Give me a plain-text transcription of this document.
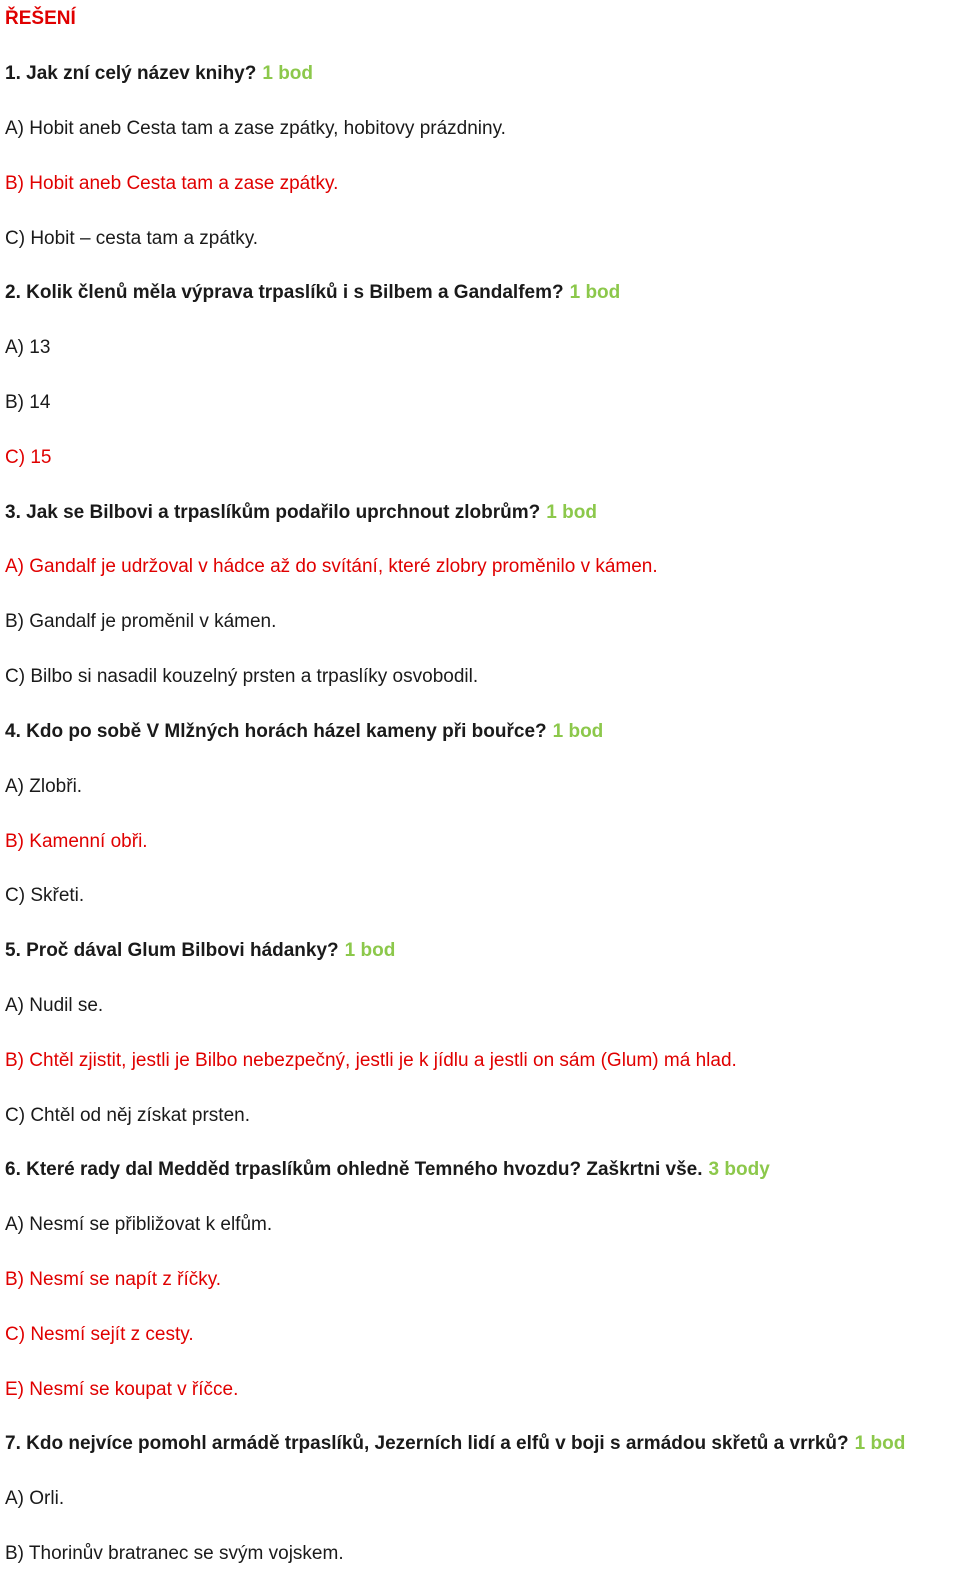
ŘEŠENÍ
1. Jak zní celý název knihy? 1 bod
A) Hobit aneb Cesta tam a zase zpátky, hobitovy prázdniny.
B) Hobit aneb Cesta tam a zase zpátky.
C) Hobit – cesta tam a zpátky.
2. Kolik členů měla výprava trpaslíků i s Bilbem a Gandalfem? 1 bod
A) 13
B) 14
C) 15
3. Jak se Bilbovi a trpaslíkům podařilo uprchnout zlobrům? 1 bod
A) Gandalf je udržoval v hádce až do svítání, které zlobry proměnilo v kámen.
B) Gandalf je proměnil v kámen.
C) Bilbo si nasadil kouzelný prsten a trpaslíky osvobodil.
4. Kdo po sobě V Mlžných horách házel kameny při bouřce? 1 bod
A) Zlobři.
B) Kamenní obři.
C) Skřeti.
5. Proč dával Glum Bilbovi hádanky? 1 bod
A) Nudil se.
B) Chtěl zjistit, jestli je Bilbo nebezpečný, jestli je k jídlu a jestli on sám (Glum) má hlad.
C) Chtěl od něj získat prsten.
6. Které rady dal Medděd trpaslíkům ohledně Temného hvozdu? Zaškrtni vše. 3 body
A) Nesmí se přibližovat k elfům.
B) Nesmí se napít z říčky.
C) Nesmí sejít z cesty.
E) Nesmí se koupat v říčce.
7. Kdo nejvíce pomohl armádě trpaslíků, Jezerních lidí a elfů v boji s armádou skřetů a vrrků? 1 bod
A) Orli.
B) Thorinův bratranec se svým vojskem.
